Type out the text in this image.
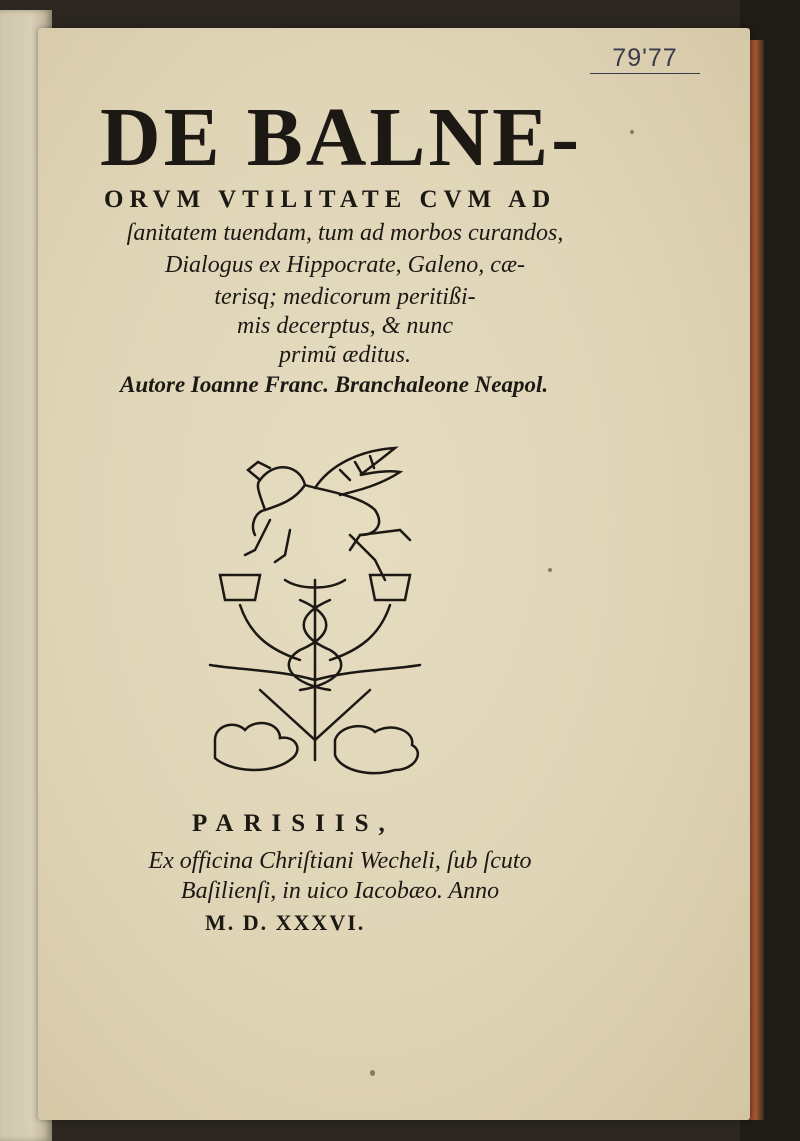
79'77
DE BALNE-
ORVM VTILITATE CVM AD
ſanitatem tuendam, tum ad morbos curandos,
Dialogus ex Hippocrate, Galeno, cæ-
terisq; medicorum peritißi-
mis decerptus, & nunc
primũ æditus.
Autore Ioanne Franc. Branchaleone Neapol.
PARISIIS,
Ex officina Chriſtiani Wecheli, ſub ſcuto
Baſilienſi, in uico Iacobæo. Anno
M. D. XXXVI.
